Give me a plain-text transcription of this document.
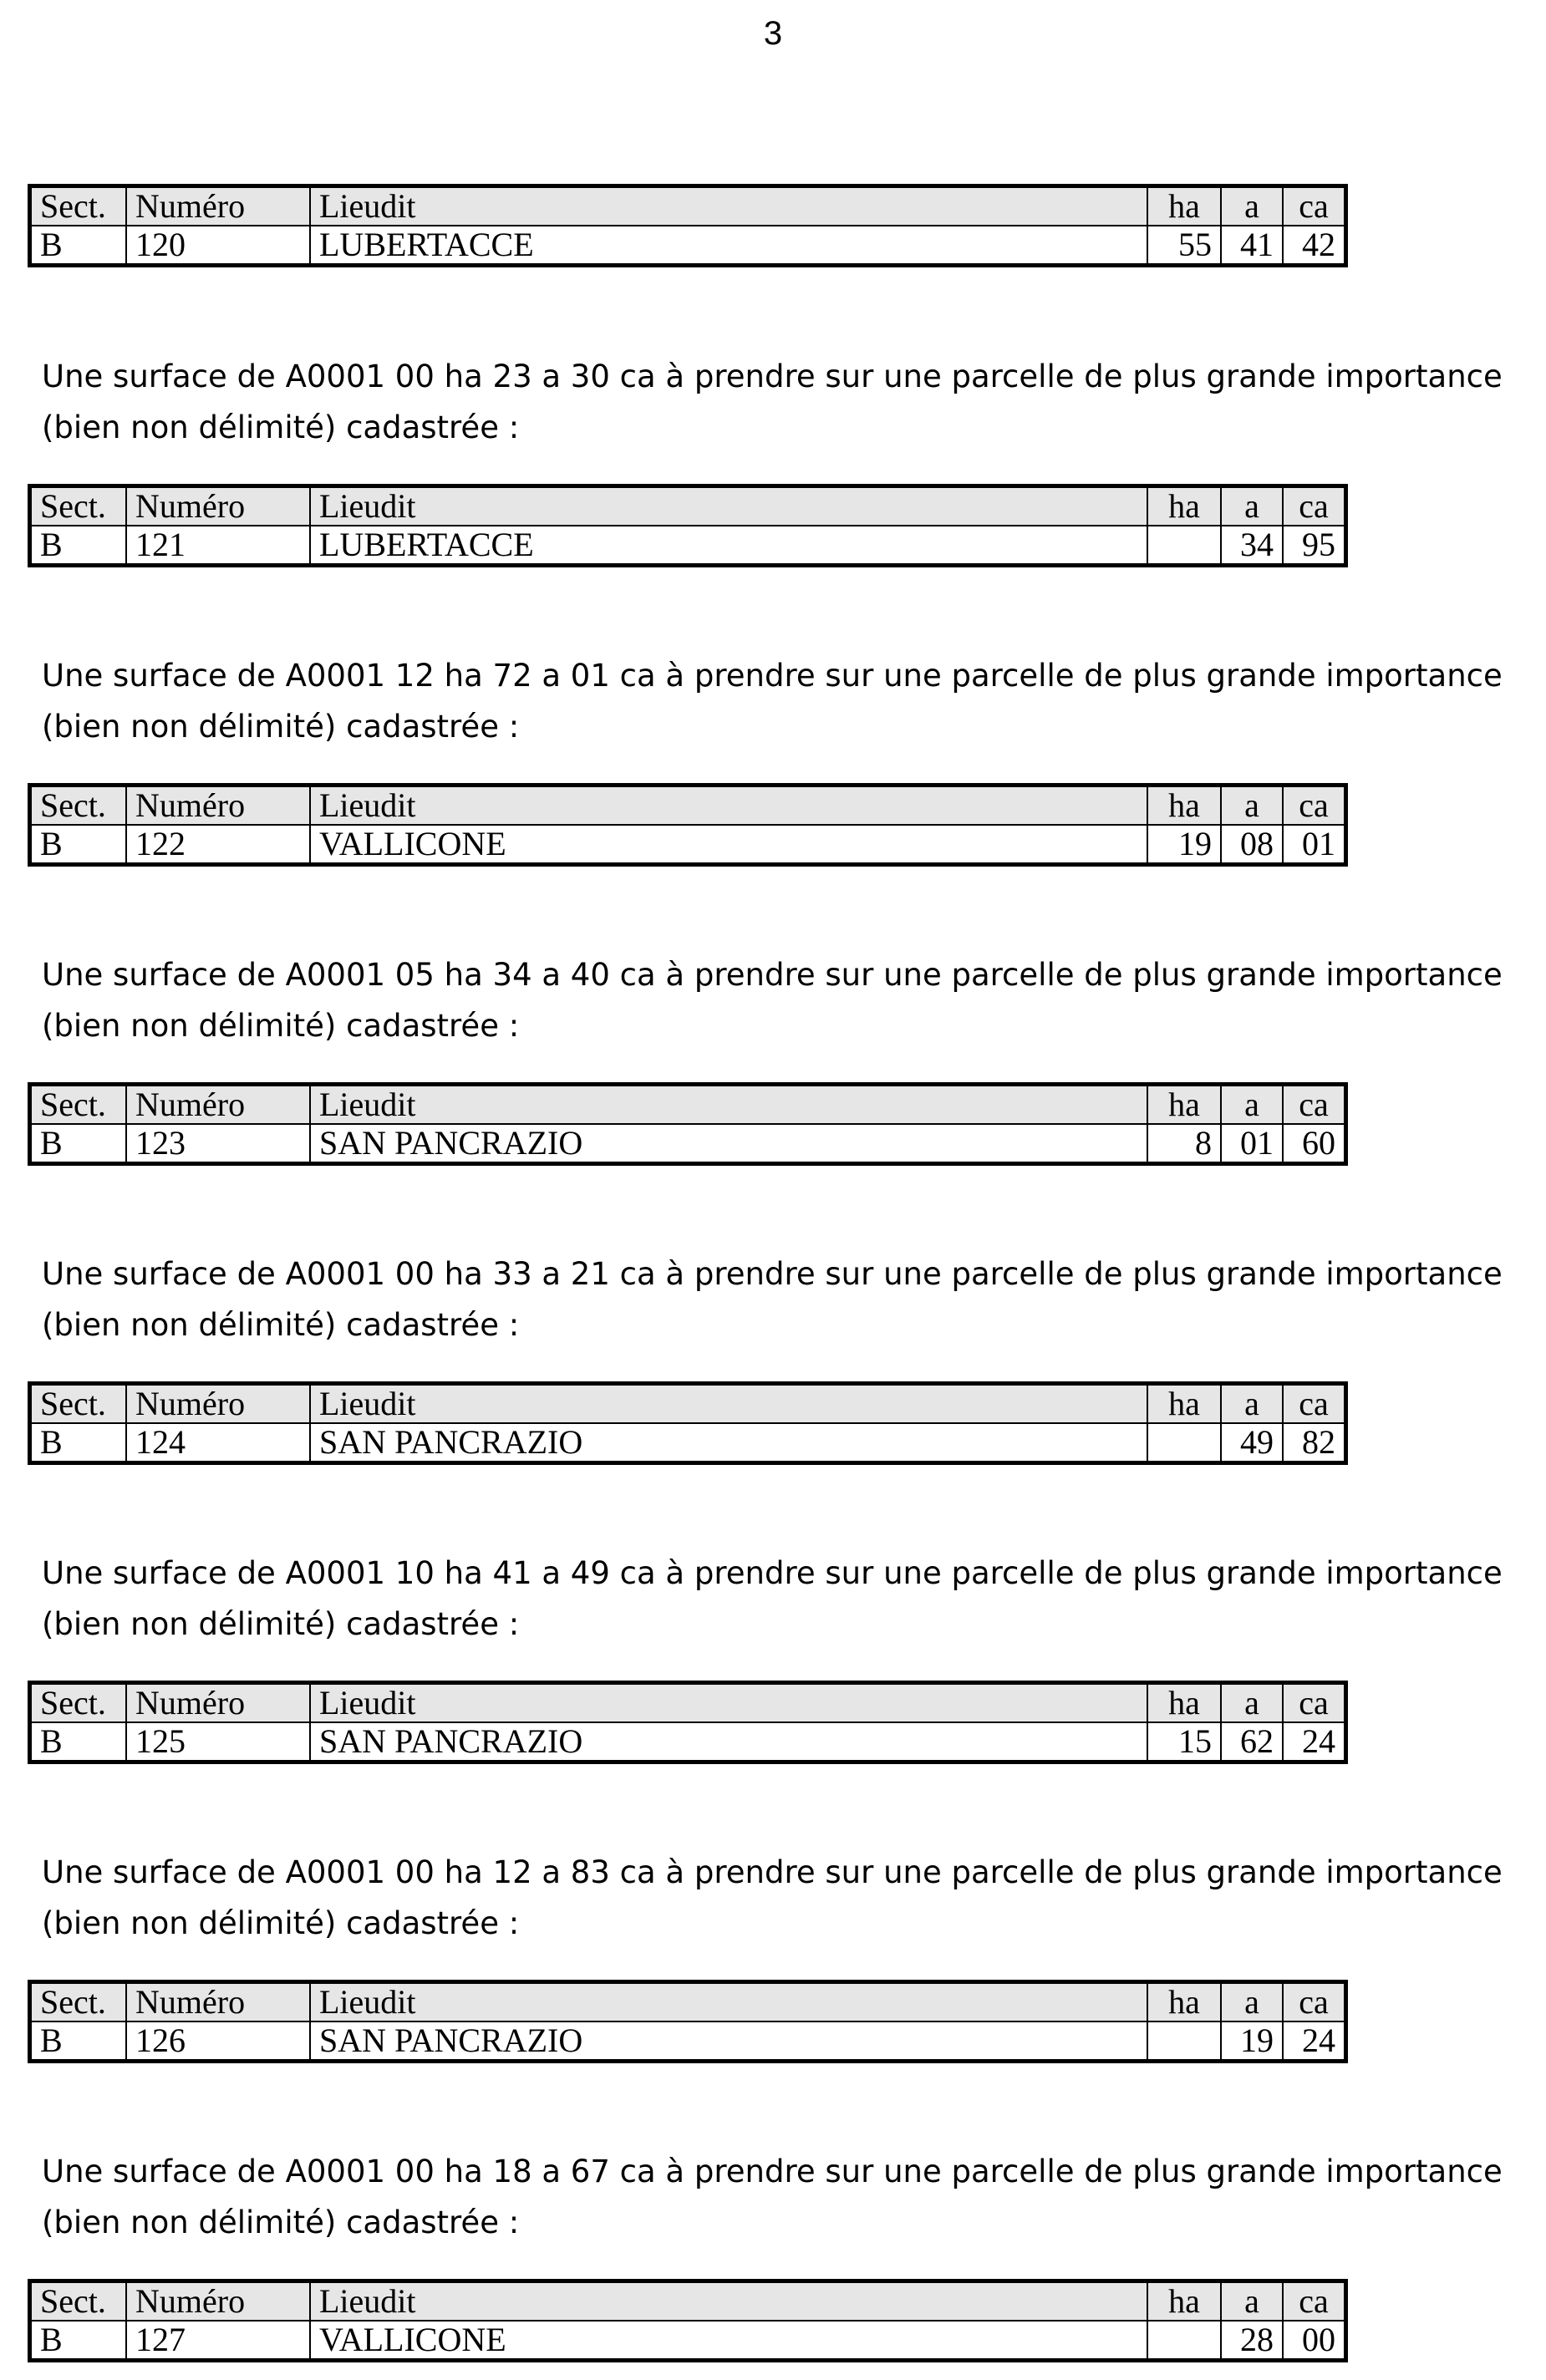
3
Sect.	Numéro	Lieudit	ha	a	ca
B	120	LUBERTACCE	55	41	42
Une surface de A0001 00 ha 23 a 30 ca à prendre sur une parcelle de plus grande importance
(bien non délimité) cadastrée :
Sect.	Numéro	Lieudit	ha	a	ca
B	121	LUBERTACCE		34	95
Une surface de A0001 12 ha 72 a 01 ca à prendre sur une parcelle de plus grande importance
(bien non délimité) cadastrée :
Sect.	Numéro	Lieudit	ha	a	ca
B	122	VALLICONE	19	08	01
Une surface de A0001 05 ha 34 a 40 ca à prendre sur une parcelle de plus grande importance
(bien non délimité) cadastrée :
Sect.	Numéro	Lieudit	ha	a	ca
B	123	SAN PANCRAZIO	8	01	60
Une surface de A0001 00 ha 33 a 21 ca à prendre sur une parcelle de plus grande importance
(bien non délimité) cadastrée :
Sect.	Numéro	Lieudit	ha	a	ca
B	124	SAN PANCRAZIO		49	82
Une surface de A0001 10 ha 41 a 49 ca à prendre sur une parcelle de plus grande importance
(bien non délimité) cadastrée :
Sect.	Numéro	Lieudit	ha	a	ca
B	125	SAN PANCRAZIO	15	62	24
Une surface de A0001 00 ha 12 a 83 ca à prendre sur une parcelle de plus grande importance
(bien non délimité) cadastrée :
Sect.	Numéro	Lieudit	ha	a	ca
B	126	SAN PANCRAZIO		19	24
Une surface de A0001 00 ha 18 a 67 ca à prendre sur une parcelle de plus grande importance
(bien non délimité) cadastrée :
Sect.	Numéro	Lieudit	ha	a	ca
B	127	VALLICONE		28	00
